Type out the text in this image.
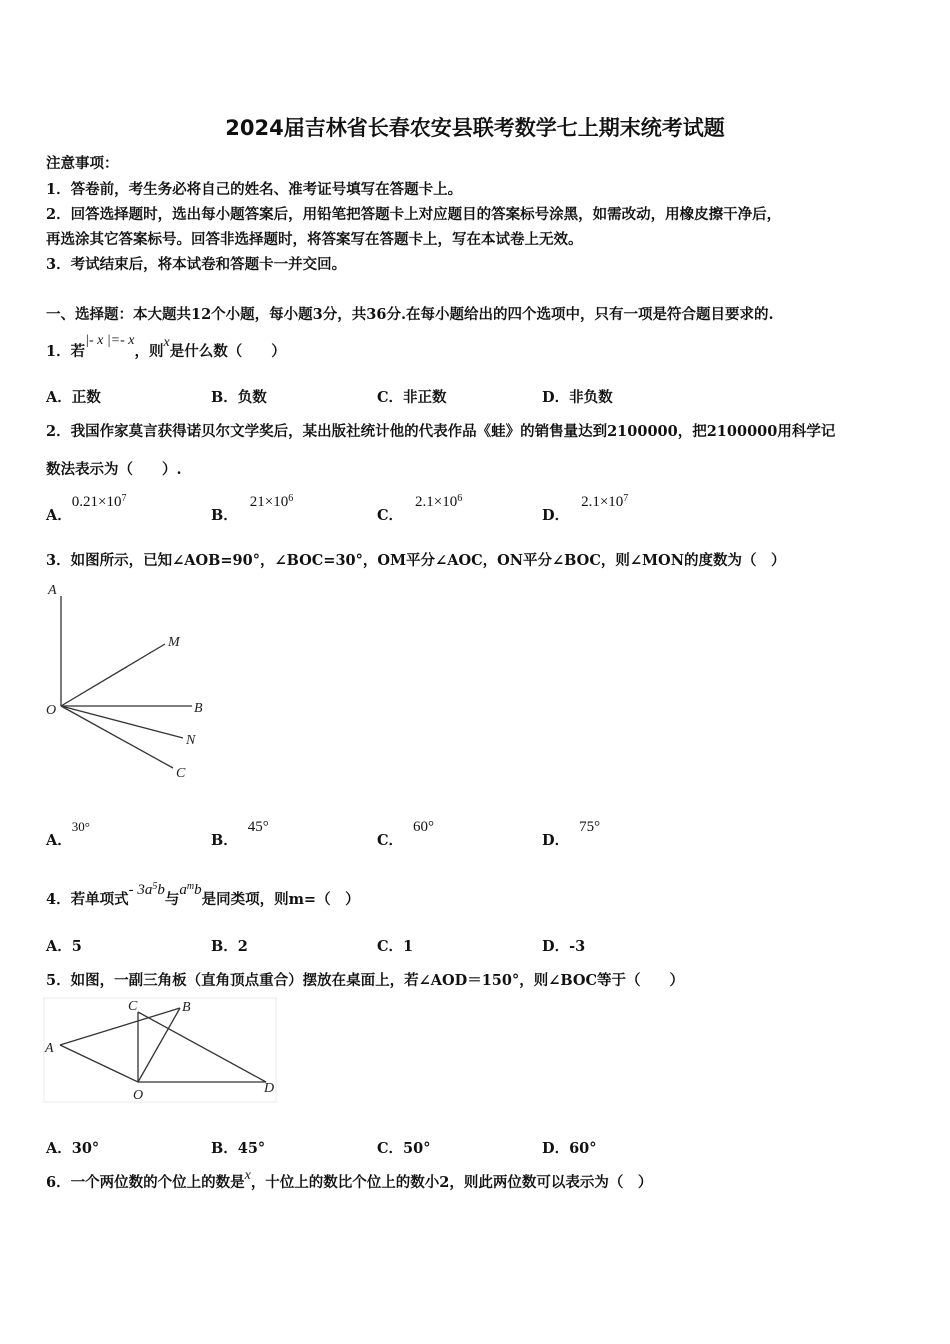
2024届吉林省长春农安县联考数学七上期末统考试题
注意事项：
1．答卷前，考生务必将自己的姓名、准考证号填写在答题卡上。
2．回答选择题时，选出每小题答案后，用铅笔把答题卡上对应题目的答案标号涂黑，如需改动，用橡皮擦干净后，
再选涂其它答案标号。回答非选择题时，将答案写在答题卡上，写在本试卷上无效。
3．考试结束后，将本试卷和答题卡一并交回。
一、选择题：本大题共12个小题，每小题3分，共36分.在每小题给出的四个选项中，只有一项是符合题目要求的.
1．若|- x |=- x，则x是什么数（　　）
A．正数	B．负数	C．非正数	D．非负数
2．我国作家莫言获得诺贝尔文学奖后，某出版社统计他的代表作品《蛙》的销售量达到2100000，把2100000用科学记
数法表示为（　　）.
A．$0.21\times 10^7$
B．$21\times 10^6$
C．$2.1\times 10^6$
D．$2.1\times 10^7$
3．如图所示，已知∠AOB=90°，∠BOC=30°，OM平分∠AOC，ON平分∠BOC，则∠MON的度数为（　）
A
M
O	B
N
C
A．30°
B．45°
C．60°
D．75°
4．若单项式- $3a^5b$与$a^mb$是同类项，则m=（　）
A．5	B．2	C．1	D．-3
5．如图，一副三角板（直角顶点重合）摆放在桌面上，若∠AOD＝150°，则∠BOC等于（　　）
C	B
A
O	D
A．30°	B．45°	C．50°	D．60°
6．一个两位数的个位上的数是x，十位上的数比个位上的数小2，则此两位数可以表示为（　）
